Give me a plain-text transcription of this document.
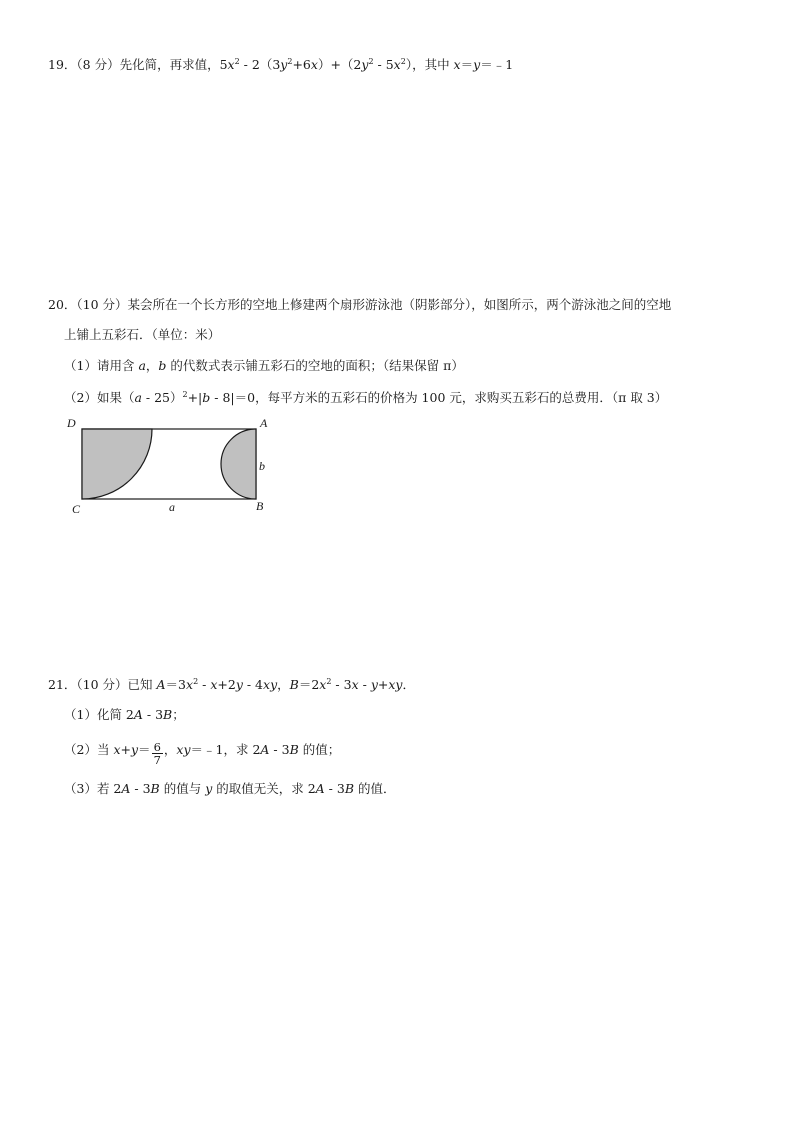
19．（8 分）先化简，再求值，$5x^2 - 2(3y^2+6x)+(2y^2 - 5x^2)$，其中 x＝y＝﹣1
20．（10 分）某会所在一个长方形的空地上修建两个扇形游泳池（阴影部分），如图所示，两个游泳池之间的空地
上铺上五彩石．（单位：米）
（1）请用含 a，b 的代数式表示铺五彩石的空地的面积；（结果保留 π）
（2）如果（a - 25）$^2$+|b - 8|＝0，每平方米的五彩石的价格为 100 元，求购买五彩石的总费用．（π 取 3）
D	A
b
C	a	B
21．（10 分）已知 $A=3x^2 - x+2y - 4xy$，$B=2x^2 - 3x - y+xy$．
（1）化简 2A - 3B；
（2）当 $x+y= \frac{6}{7}$ ，xy＝﹣1，求 2A - 3B 的值；
（3）若 2A - 3B 的值与 y 的取值无关，求 2A - 3B 的值．
